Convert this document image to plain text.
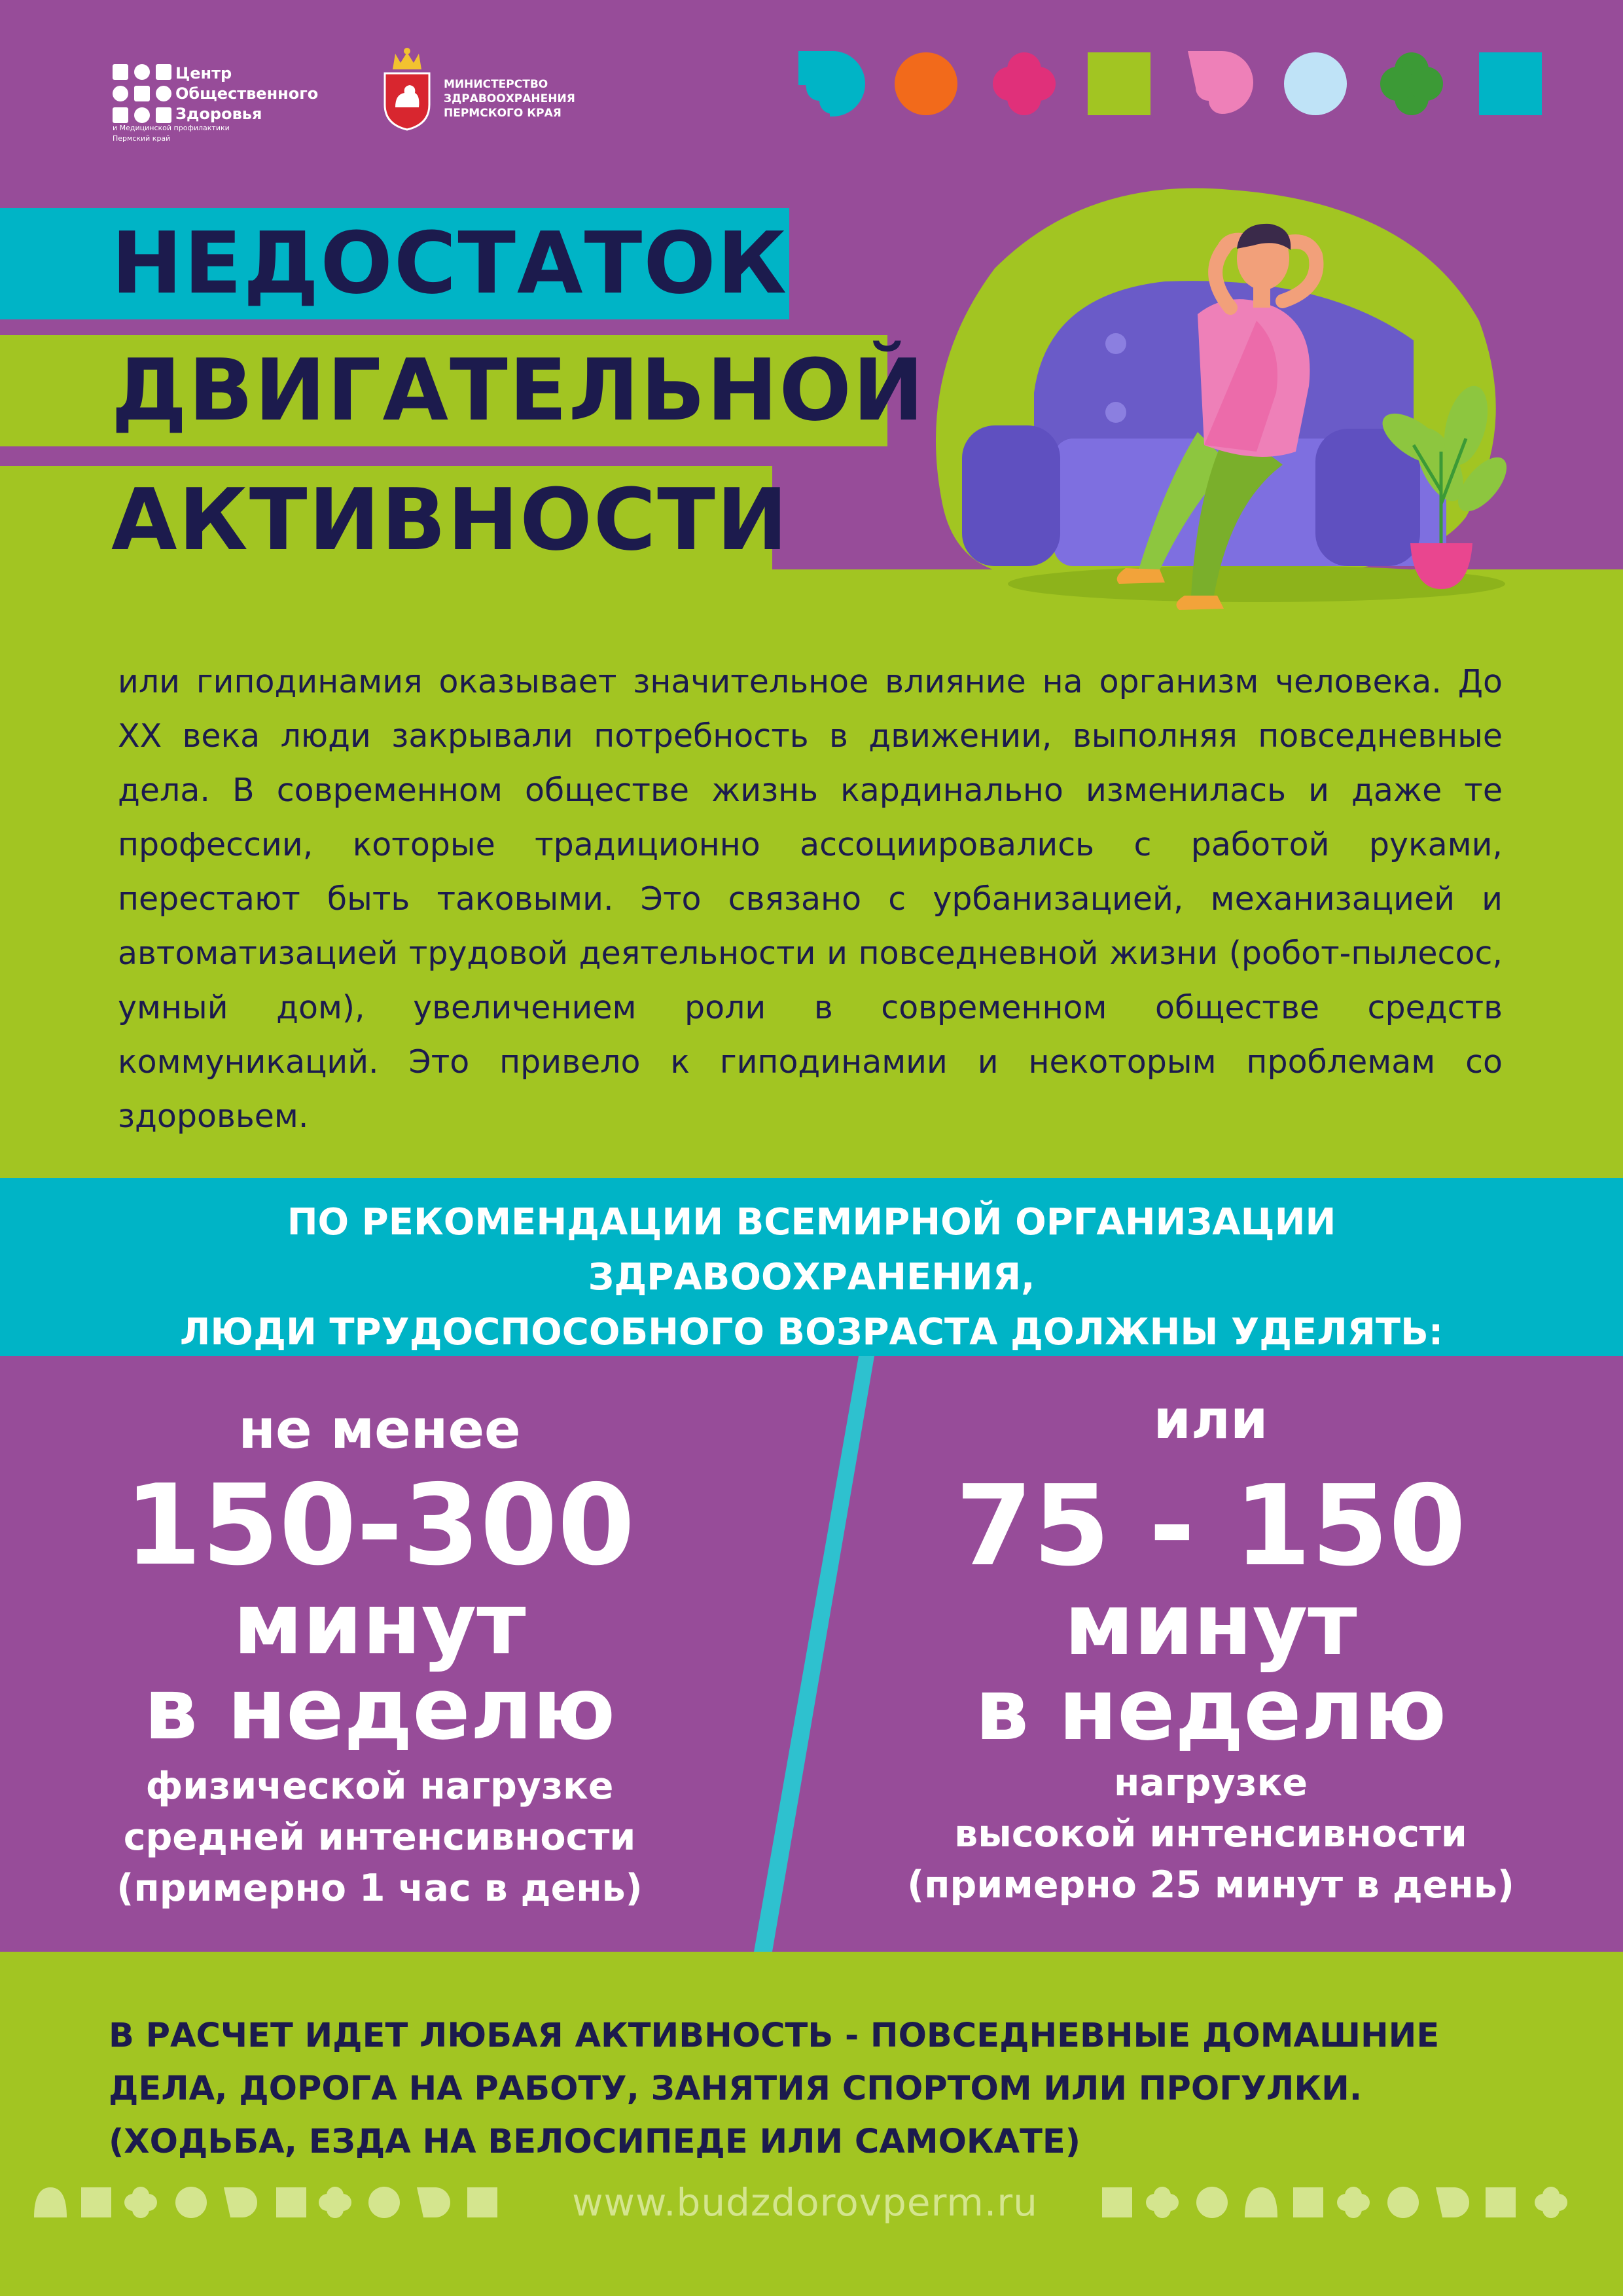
Центр
Общественного
Здоровья
и Медицинской профилактики
Пермский край
МИНИСТЕРСТВО
ЗДРАВООХРАНЕНИЯ
ПЕРМСКОГО КРАЯ
НЕДОСТАТОК
ДВИГАТЕЛЬНОЙ
АКТИВНОСТИ
или гиподинамия оказывает значительное влияние на организм человека. До XX века люди закрывали потребность в движении, выполняя повседневные дела. В современном обществе жизнь кардинально изменилась и даже те профессии, которые традиционно ассоциировались с работой руками, перестают быть таковыми. Это связано с урбанизацией, механизацией и автоматизацией трудовой деятельности и повседневной жизни (робот-пылесос, умный дом), увеличением роли в современном обществе средств коммуникаций. Это привело к гиподинамии и некоторым проблемам со здоровьем.
ПО РЕКОМЕНДАЦИИ ВСЕМИРНОЙ ОРГАНИЗАЦИИ ЗДРАВООХРАНЕНИЯ,
ЛЮДИ ТРУДОСПОСОБНОГО ВОЗРАСТА ДОЛЖНЫ УДЕЛЯТЬ:
не менее
150-300
минут
в неделю
физической нагрузке
средней интенсивности
(примерно 1 час в день)
или
75 - 150
минут
в неделю
нагрузке
высокой интенсивности
(примерно 25 минут в день)
В РАСЧЕТ ИДЕТ ЛЮБАЯ АКТИВНОСТЬ - ПОВСЕДНЕВНЫЕ ДОМАШНИЕ ДЕЛА, ДОРОГА НА РАБОТУ, ЗАНЯТИЯ СПОРТОМ ИЛИ ПРОГУЛКИ. (ХОДЬБА, ЕЗДА НА ВЕЛОСИПЕДЕ ИЛИ САМОКАТЕ)
www.budzdorovperm.ru
